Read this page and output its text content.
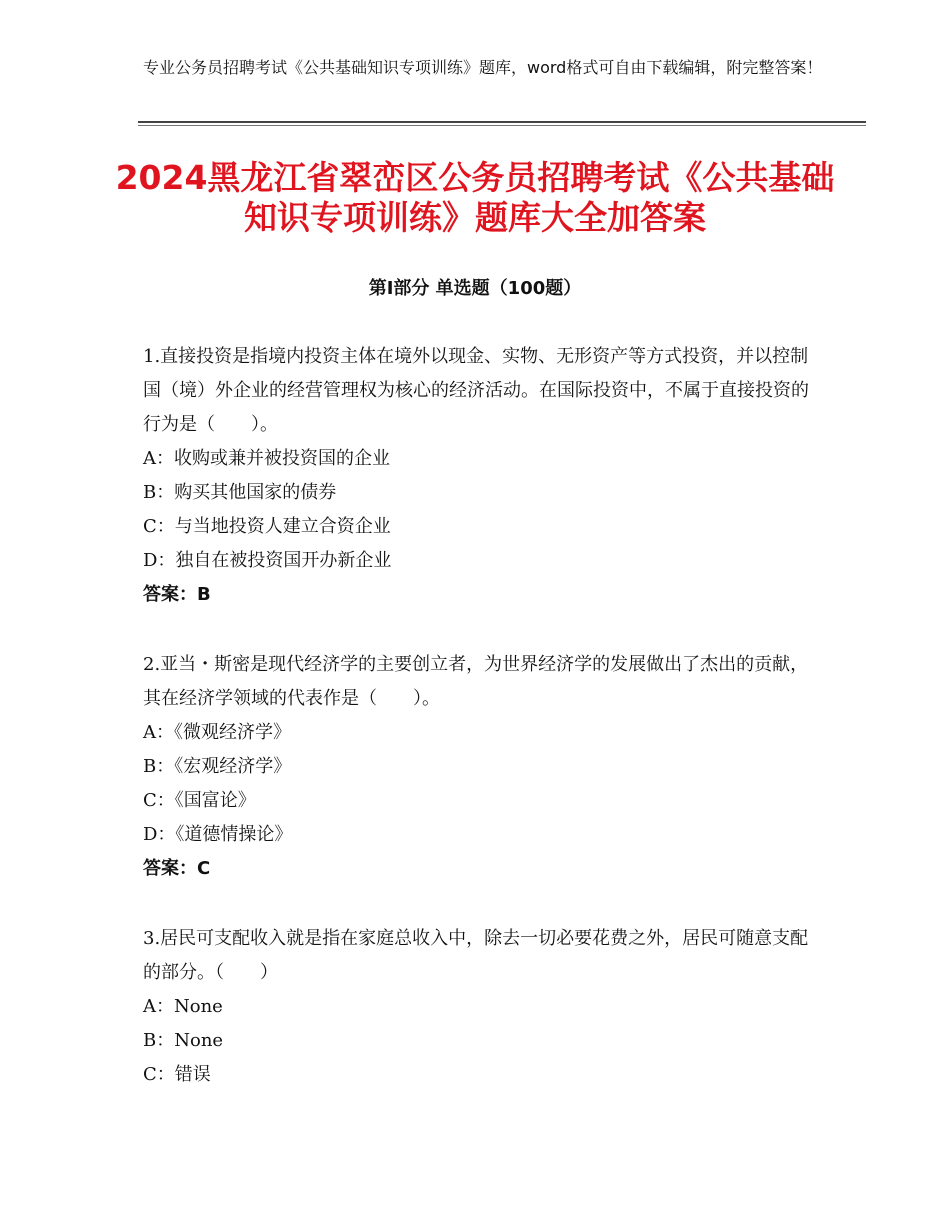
专业公务员招聘考试《公共基础知识专项训练》题库，word格式可自由下载编辑，附完整答案！
2024黑龙江省翠峦区公务员招聘考试《公共基础知识专项训练》题库大全加答案
第Ⅰ部分 单选题（100题）

1.直接投资是指境内投资主体在境外以现金、实物、无形资产等方式投资，并以控制国（境）外企业的经营管理权为核心的经济活动。在国际投资中，不属于直接投资的行为是（　　）。

A：收购或兼并被投资国的企业

B：购买其他国家的债券

C：与当地投资人建立合资企业

D：独自在被投资国开办新企业

答案：B

2.亚当・斯密是现代经济学的主要创立者，为世界经济学的发展做出了杰出的贡献，其在经济学领域的代表作是（　　）。

A：《微观经济学》

B：《宏观经济学》

C：《国富论》

D：《道德情操论》

答案：C

3.居民可支配收入就是指在家庭总收入中，除去一切必要花费之外，居民可随意支配的部分。（　　）

A：None

B：None

C：错误
